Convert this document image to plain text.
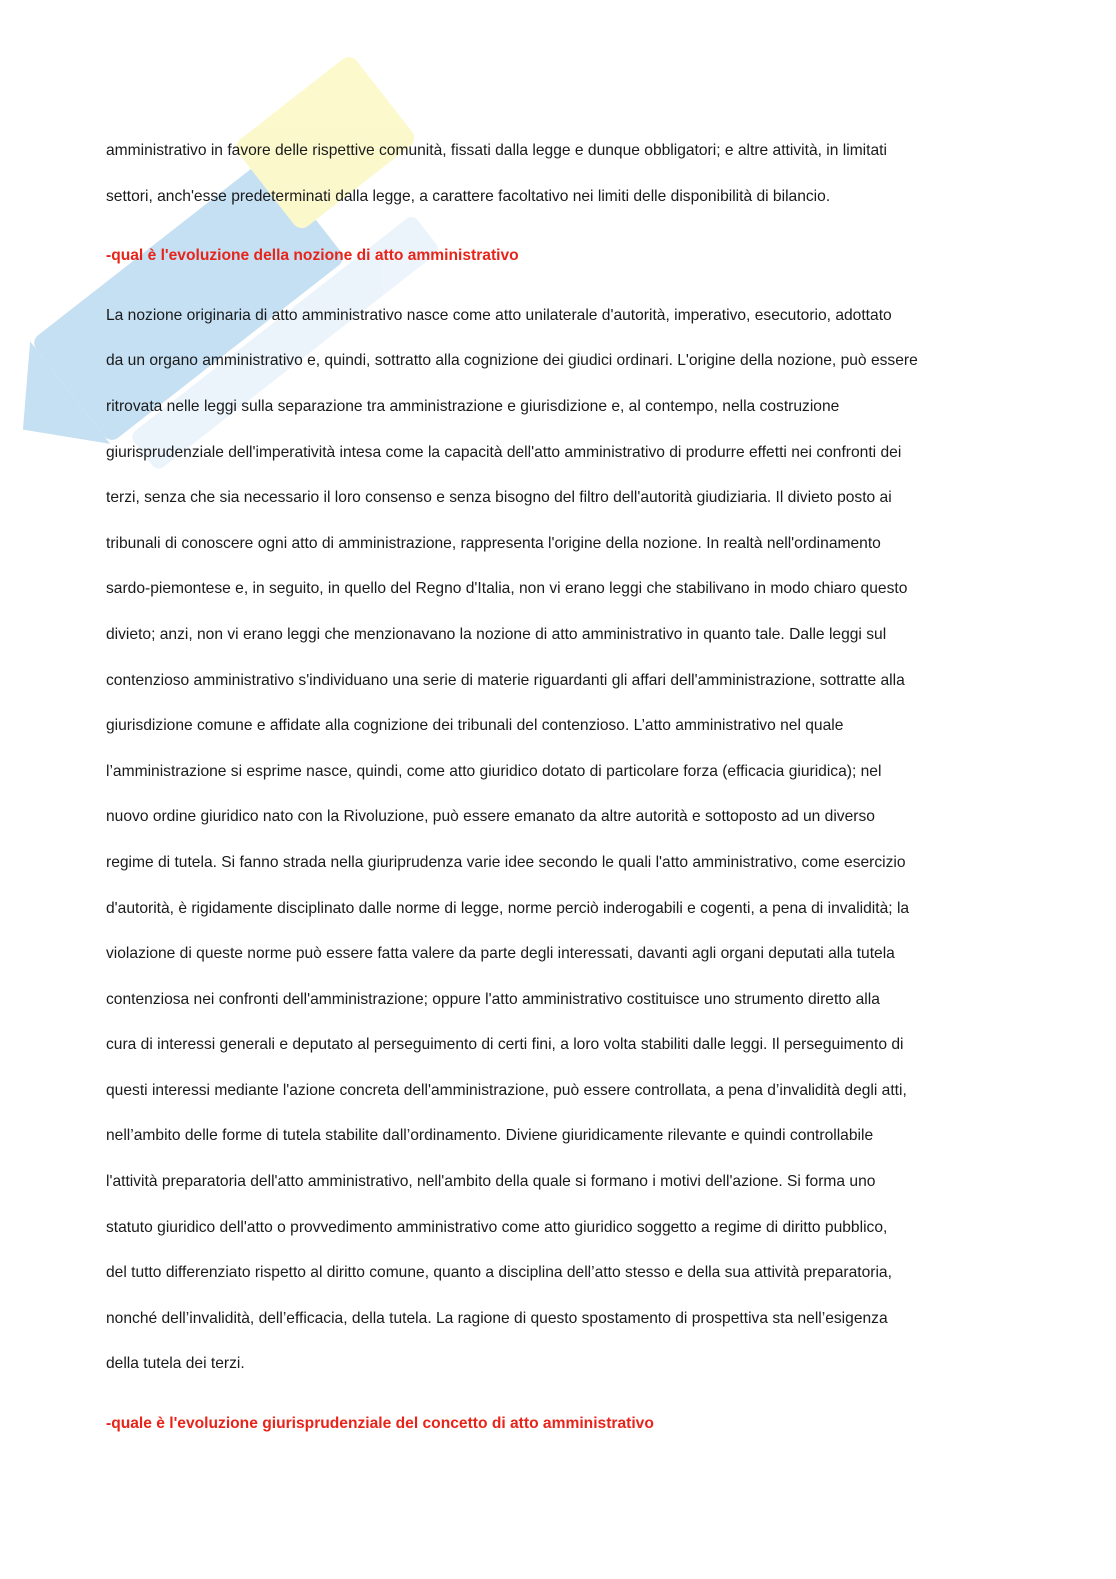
amministrativo in favore delle rispettive comunità, fissati dalla legge e dunque obbligatori; e altre attività, in limitati
settori, anch'esse predeterminati dalla legge, a carattere facoltativo nei limiti delle disponibilità di bilancio.
-qual è l'evoluzione della nozione di atto amministrativo
La nozione originaria di atto amministrativo nasce come atto unilaterale d'autorità, imperativo, esecutorio, adottato
da un organo amministrativo e, quindi, sottratto alla cognizione dei giudici ordinari. L'origine della nozione, può essere
ritrovata nelle leggi sulla separazione tra amministrazione e giurisdizione e, al contempo, nella costruzione
giurisprudenziale dell'imperatività intesa come la capacità dell'atto amministrativo di produrre effetti nei confronti dei
terzi, senza che sia necessario il loro consenso e senza bisogno del filtro dell'autorità giudiziaria. Il divieto posto ai
tribunali di conoscere ogni atto di amministrazione, rappresenta l'origine della nozione. In realtà nell'ordinamento
sardo-piemontese e, in seguito, in quello del Regno d'Italia, non vi erano leggi che stabilivano in modo chiaro questo
divieto; anzi, non vi erano leggi che menzionavano la nozione di atto amministrativo in quanto tale. Dalle leggi sul
contenzioso amministrativo s'individuano una serie di materie riguardanti gli affari dell'amministrazione, sottratte alla
giurisdizione comune e affidate alla cognizione dei tribunali del contenzioso. L’atto amministrativo nel quale
l’amministrazione si esprime nasce, quindi, come atto giuridico dotato di particolare forza (efficacia giuridica); nel
nuovo ordine giuridico nato con la Rivoluzione, può essere emanato da altre autorità e sottoposto ad un diverso
regime di tutela. Si fanno strada nella giuriprudenza varie idee secondo le quali l'atto amministrativo, come esercizio
d'autorità, è rigidamente disciplinato dalle norme di legge, norme perciò inderogabili e cogenti, a pena di invalidità; la
violazione di queste norme può essere fatta valere da parte degli interessati, davanti agli organi deputati alla tutela
contenziosa nei confronti dell'amministrazione; oppure l'atto amministrativo costituisce uno strumento diretto alla
cura di interessi generali e deputato al perseguimento di certi fini, a loro volta stabiliti dalle leggi. Il perseguimento di
questi interessi mediante l'azione concreta dell'amministrazione, può essere controllata, a pena d’invalidità degli atti,
nell’ambito delle forme di tutela stabilite dall’ordinamento. Diviene giuridicamente rilevante e quindi controllabile
l'attività preparatoria dell'atto amministrativo, nell'ambito della quale si formano i motivi dell'azione. Si forma uno
statuto giuridico dell'atto o provvedimento amministrativo come atto giuridico soggetto a regime di diritto pubblico,
del tutto differenziato rispetto al diritto comune, quanto a disciplina dell’atto stesso e della sua attività preparatoria,
nonché dell’invalidità, dell’efficacia, della tutela. La ragione di questo spostamento di prospettiva sta nell’esigenza
della tutela dei terzi.
-quale è l'evoluzione giurisprudenziale del concetto di atto amministrativo
